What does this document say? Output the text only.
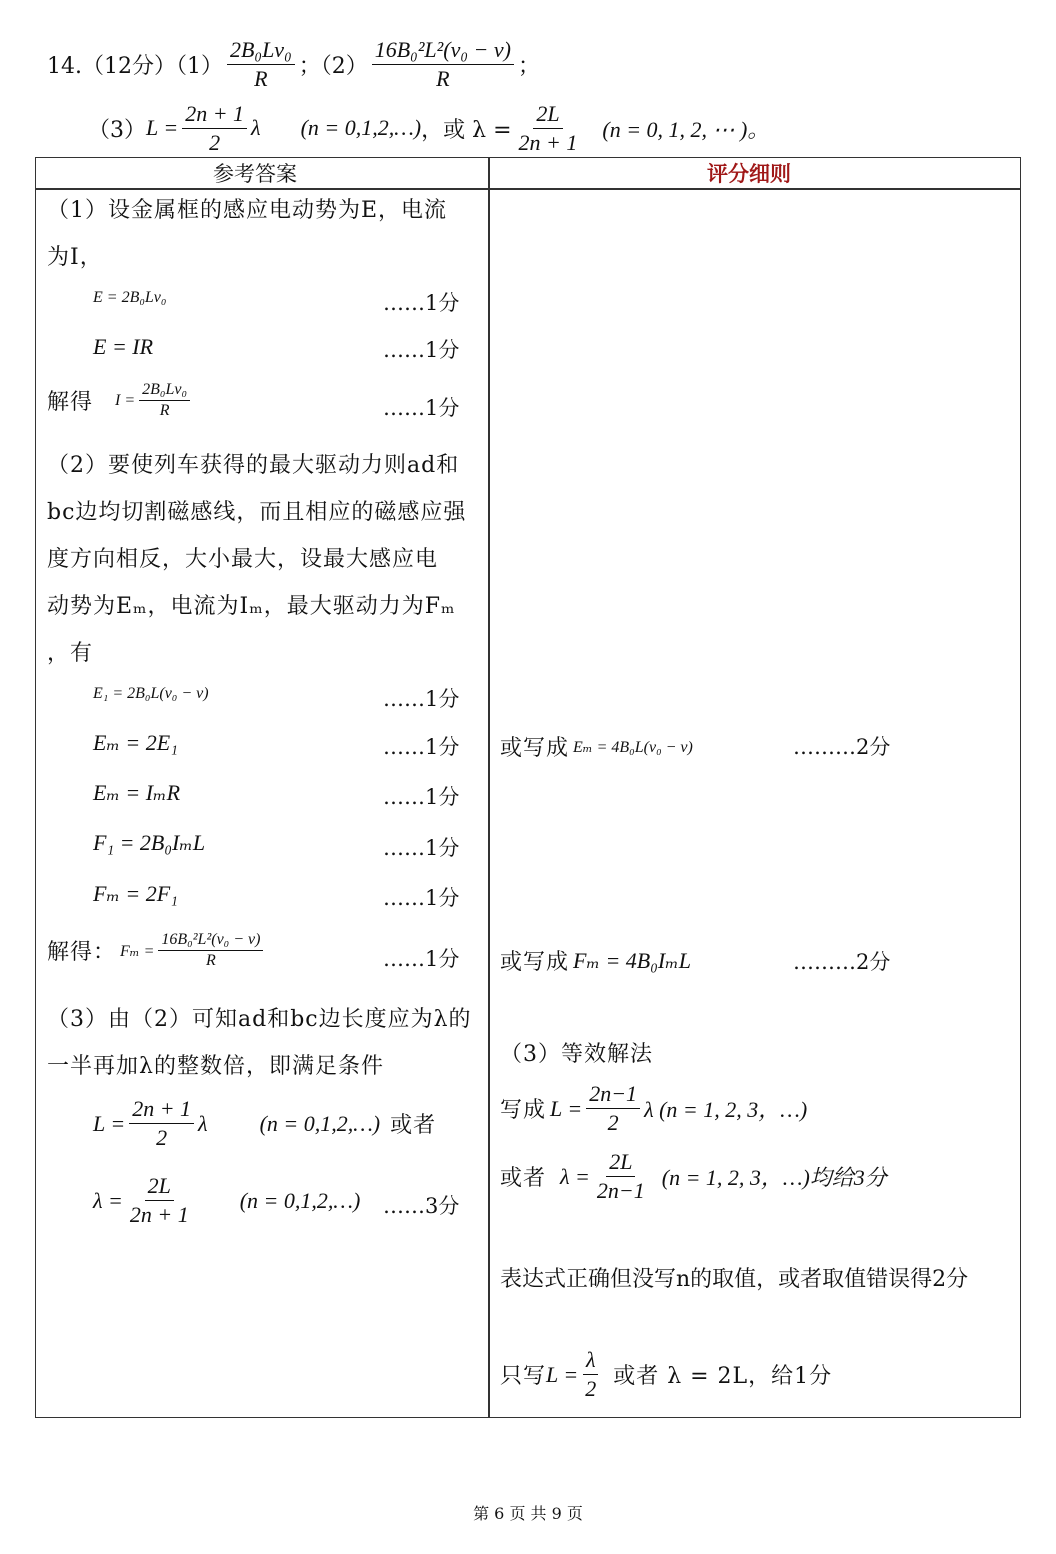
14.（12分）$(1) \frac{\text{2B₀Lv₀}}{R}$ ；$(2) \frac{\text{16B₀²L²(v₀ − v)}}{R}$ ；
（3） $L = \frac{2n + 1}{2}$ λ (n = 0,1,2,…) ，或 $\lambda = \frac{2L}{2n + 1} (n = 0$, 1, 2, ⋯ )。
参考答案	评分细则
（1）设金属框的感应电动势为E，电流
为I，
E = 2B₀Lv₀	……1分
E = IR	……1分
解得 $I = \frac{\text{2B₀Lv₀}}{R}$	……1分
（2）要使列车获得的最大驱动力则ad和
bc边均切割磁感线，而且相应的磁感应强
度方向相反，大小最大，设最大感应电
动势为Eₘ，电流为Iₘ，最大驱动力为Fₘ
，有
E₁ = 2B₀L(v₀ − v)	……1分
Eₘ = 2E₁	……1分
Eₘ = IₘR	……1分
F₁ = 2B₀IₘL	……1分
Fₘ = 2F₁	……1分
解得： $F_m = \frac{\text{16B₀²L²(v₀ − v)}}{R}$	……1分
（3）由（2）可知ad和bc边长度应为λ的
一半再加λ的整数倍，即满足条件
$L = \frac{2n + 1}{2}$ λ (n = 0,1,2,…) 或者
$\lambda = \frac{2L}{2n + 1} (n$ = 0,1,2,…) ……3分
或写成 Eₘ = 4B₀L(v₀ − v)	………2分
或写成 Fₘ = 4B₀IₘL	………2分
（3）等效解法
写成 $L = \frac{2n-1}{2}$ λ (n = 1, 2, 3，…)
或者 $\lambda = \frac{2L}{2n-1} (n = 1$, 2, 3，…)均给3分
表达式正确但没写n的取值，或者取值错误得2分
只写 $L = \frac{\lambda}{2}$ 或者 λ = 2L，给1分
第 6 页 共 9 页
